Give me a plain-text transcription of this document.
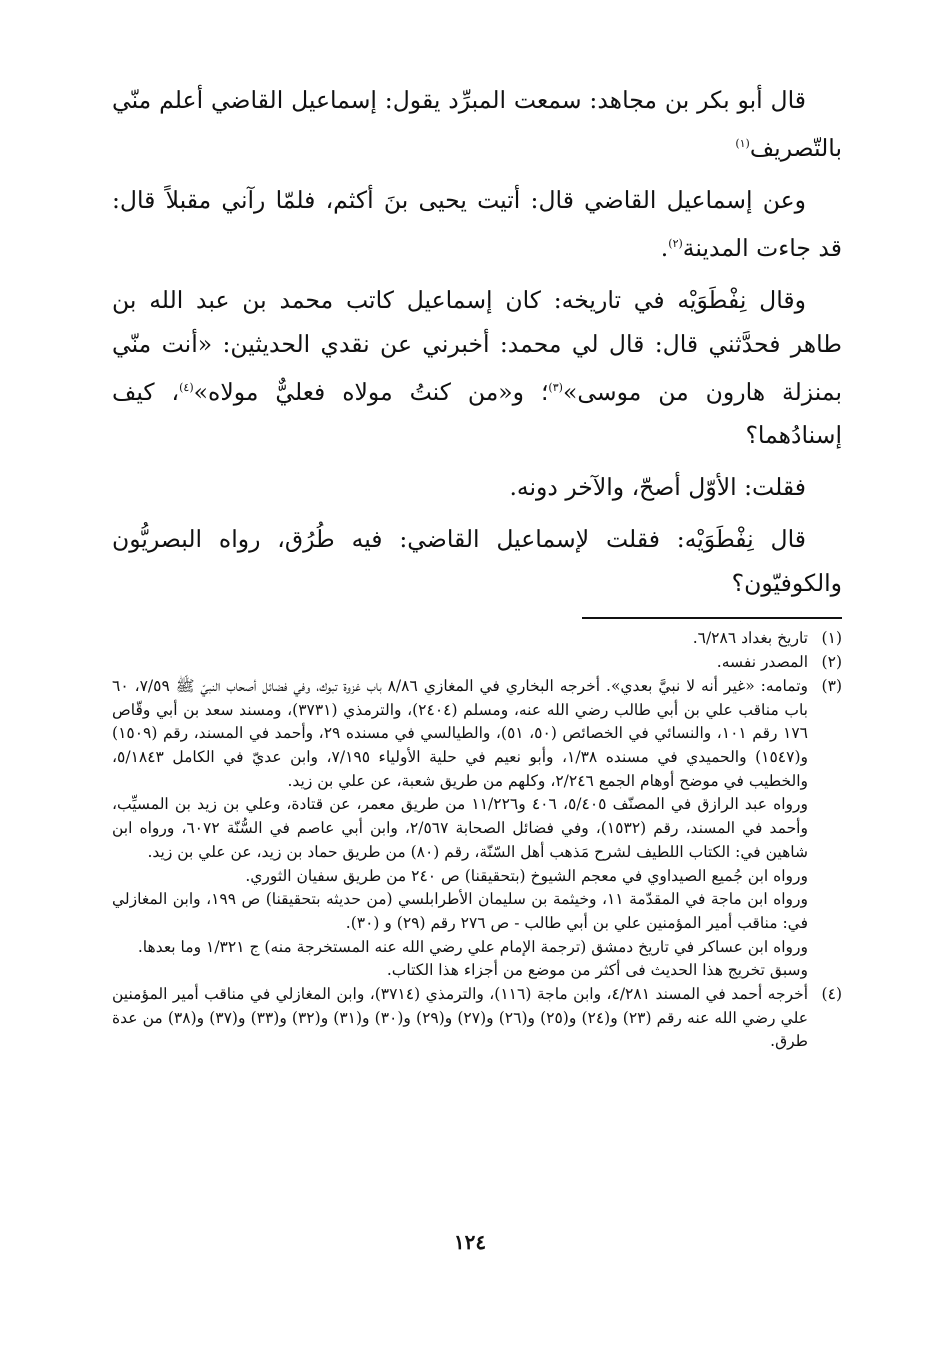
قال أبو بكر بن مجاهد: سمعت المبرِّد يقول: إسماعيل القاضي أعلم منّي بالتّصريف$^{(١)}$

وعن إسماعيل القاضي قال: أتيت يحيى بنَ أكثم، فلمّا رآني مقبلاً قال: قد جاءت المدينة$^{(٢)}$.

وقال نِفْطَوَيْه في تاريخه: كان إسماعيل كاتب محمد بن عبد الله بن طاهر فحدَّثني قال: قال لي محمد: أخبرني عن نقدي الحديثين: «أنت منّي بمنزلة هارون من موسى»$^{(٣)}$؛ و«من كنتُ مولاه فعليٌّ مولاه»$^{(٤)}$، كيف إسنادُهما؟

فقلت: الأوّل أصحّ، والآخر دونه.

قال نِفْطَوَيْه: فقلت لإسماعيل القاضي: فيه طُرُق، رواه البصريُّون والكوفيّون؟

(١)

تاريخ بغداد ٦/٢٨٦.

(٢)

المصدر نفسه.

(٣)

وتمامه: «غير أنه لا نبيَّ بعدي». أخرجه البخاري في المغازي ٨/٨٦ باب غزوة تبوك، وفي فضائل أصحاب النبيّ ﷺ ٧/٥٩، ٦٠ باب مناقب علي بن أبي طالب رضي الله عنه، ومسلم (٢٤٠٤)، والترمذي (٣٧٣١)، ومسند سعد بن أبي وقّاص ١٧٦ رقم ١٠١، والنسائي في الخصائص (٥٠، ٥١)، والطيالسي في مسنده ٢٩، وأحمد في المسند، رقم (١٥٠٩) و(١٥٤٧) والحميدي في مسنده ١/٣٨، وأبو نعيم في حلية الأولياء ٧/١٩٥، وابن عديّ في الكامل ٥/١٨٤٣، والخطيب في موضح أوهام الجمع ٢/٢٤٦، وكلهم من طريق شعبة، عن علي بن زيد.

ورواه عبد الرازق في المصنّف ٥/٤٠٥، ٤٠٦ و١١/٢٢٦ من طريق معمر، عن قتادة، وعلي بن زيد بن المسيِّب، وأحمد في المسند، رقم (١٥٣٢)، وفي فضائل الصحابة ٢/٥٦٧، وابن أبي عاصم في السُّنّة ٦٠٧٢، ورواه ابن شاهين في: الكتاب اللطيف لشرح مَذهب أهل السّنّة، رقم (٨٠) من طريق حماد بن زيد، عن علي بن زيد.

ورواه ابن جُميع الصيداوي في معجم الشيوخ (بتحقيقنا) ص ٢٤٠ من طريق سفيان الثوري.

ورواه ابن ماجة في المقدّمة ١١، وخيثمة بن سليمان الأطرابلسي (من حديثه بتحقيقنا) ص ١٩٩، وابن المغازلي في: مناقب أمير المؤمنين علي بن أبي طالب - ص ٢٧٦ رقم (٢٩) و (٣٠).

ورواه ابن عساكر في تاريخ دمشق (ترجمة الإمام علي رضي الله عنه المستخرجة منه) ج ١/٣٢١ وما بعدها.

وسبق تخريج هذا الحديث فى أكثر من موضع من أجزاء هذا الكتاب.

(٤)

أخرجه أحمد في المسند ٤/٢٨١، وابن ماجة (١١٦)، والترمذي (٣٧١٤)، وابن المغازلي في مناقب أمير المؤمنين علي رضي الله عنه رقم (٢٣) و(٢٤) و(٢٥) و(٢٦) و(٢٧) و(٢٩) و(٣٠) و(٣١) و(٣٢) و(٣٣) و(٣٧) و(٣٨) من عدة طرق.

١٢٤
